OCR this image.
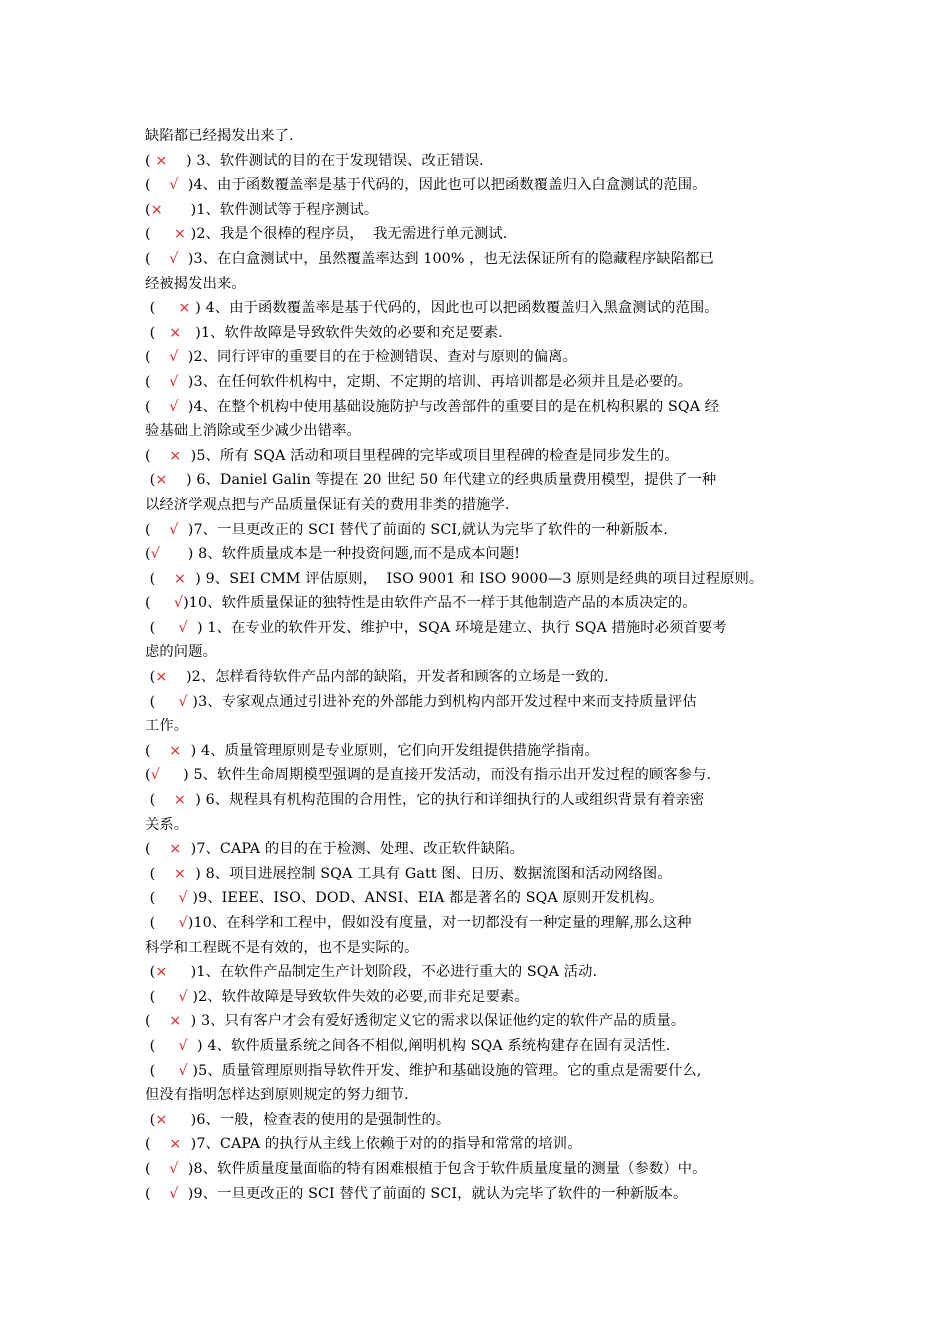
缺陷都已经揭发出来了.
( ×    ) 3、软件测试的目的在于发现错误、改正错误.
(    √  )4、由于函数覆盖率是基于代码的，因此也可以把函数覆盖归入白盒测试的范围。
(×      )1、软件测试等于程序测试。
(     × )2、我是个很棒的程序员，  我无需进行单元测试.
(    √  )3、在白盒测试中，虽然覆盖率达到 100% ，也无法保证所有的隐藏程序缺陷都已
经被揭发出来。
(     × ) 4、由于函数覆盖率是基于代码的，因此也可以把函数覆盖归入黑盒测试的范围。
(   ×   )1、软件故障是导致软件失效的必要和充足要素.
(    √  )2、同行评审的重要目的在于检测错误、查对与原则的偏离。
(    √  )3、在任何软件机构中，定期、不定期的培训、再培训都是必须并且是必要的。
(    √  )4、在整个机构中使用基础设施防护与改善部件的重要目的是在机构积累的 SQA 经
验基础上消除或至少减少出错率。
(    ×  )5、所有 SQA 活动和项目里程碑的完毕或项目里程碑的检查是同步发生的。
(×    ) 6、Daniel Galin 等提在 20 世纪 50 年代建立的经典质量费用模型，提供了一种
以经济学观点把与产品质量保证有关的费用非类的措施学.
(    √  )7、一旦更改正的 SCI 替代了前面的 SCI,就认为完毕了软件的一种新版本.
(√      ) 8、软件质量成本是一种投资问题,而不是成本问题!
(    ×  ) 9、SEI CMM 评估原则，  ISO 9001 和 ISO 9000—3 原则是经典的项目过程原则。
(     √)10、软件质量保证的独特性是由软件产品不一样于其他制造产品的本质决定的。
(     √  ) 1、在专业的软件开发、维护中，SQA 环境是建立、执行 SQA 措施时必须首要考
虑的问题。
(×    )2、怎样看待软件产品内部的缺陷，开发者和顾客的立场是一致的.
(     √ )3、专家观点通过引进补充的外部能力到机构内部开发过程中来而支持质量评估
工作。
(    ×  ) 4、质量管理原则是专业原则，它们向开发组提供措施学指南。
(√     ) 5、软件生命周期模型强调的是直接开发活动，而没有指示出开发过程的顾客参与.
(    ×  ) 6、规程具有机构范围的合用性，它的执行和详细执行的人或组织背景有着亲密
关系。
(    ×  )7、CAPA 的目的在于检测、处理、改正软件缺陷。
(    ×  ) 8、项目进展控制 SQA 工具有 Gatt 图、日历、数据流图和活动网络图。
(     √ )9、IEEE、ISO、DOD、ANSI、EIA 都是著名的 SQA 原则开发机构。
(     √)10、在科学和工程中，假如没有度量，对一切都没有一种定量的理解,那么这种
科学和工程既不是有效的，也不是实际的。
(×     )1、在软件产品制定生产计划阶段，不必进行重大的 SQA 活动.
(     √ )2、软件故障是导致软件失效的必要,而非充足要素。
(    ×  ) 3、只有客户才会有爱好透彻定义它的需求以保证他约定的软件产品的质量。
(     √  ) 4、软件质量系统之间各不相似,阐明机构 SQA 系统构建存在固有灵活性.
(     √ )5、质量管理原则指导软件开发、维护和基础设施的管理。它的重点是需要什么,
但没有指明怎样达到原则规定的努力细节.
(×     )6、一般，检查表的使用的是强制性的。
(    ×  )7、CAPA 的执行从主线上依赖于对的的指导和常常的培训。
(    √  )8、软件质量度量面临的特有困难根植于包含于软件质量度量的测量（参数）中。
(    √  )9、一旦更改正的 SCI 替代了前面的 SCI，就认为完毕了软件的一种新版本。
